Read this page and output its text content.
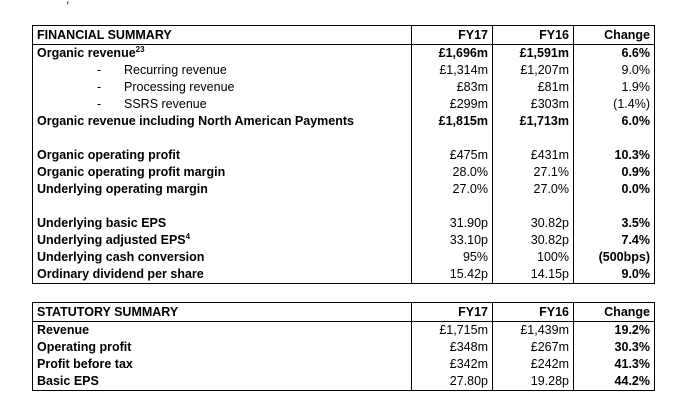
FINANCIAL SUMMARY	FY17	FY16	Change
Organic revenue$^{23}$	£1,696m	£1,591m	6.6%
- Recurring revenue	£1,314m	£1,207m	9.0%
- Processing revenue	£83m	£81m	1.9%
- SSRS revenue	£299m	£303m	(1.4%)
Organic revenue including North American Payments	£1,815m	£1,713m	6.0%

Organic operating profit	£475m	£431m	10.3%
Organic operating profit margin	28.0%	27.1%	0.9%
Underlying operating margin	27.0%	27.0%	0.0%

Underlying basic EPS	31.90p	30.82p	3.5%
Underlying adjusted EPS$^4$	33.10p	30.82p	7.4%
Underlying cash conversion	95%	100%	(500bps)
Ordinary dividend per share	15.42p	14.15p	9.0%
STATUTORY SUMMARY	FY17	FY16	Change
Revenue	£1,715m	£1,439m	19.2%
Operating profit	£348m	£267m	30.3%
Profit before tax	£342m	£242m	41.3%
Basic EPS	27.80p	19.28p	44.2%
